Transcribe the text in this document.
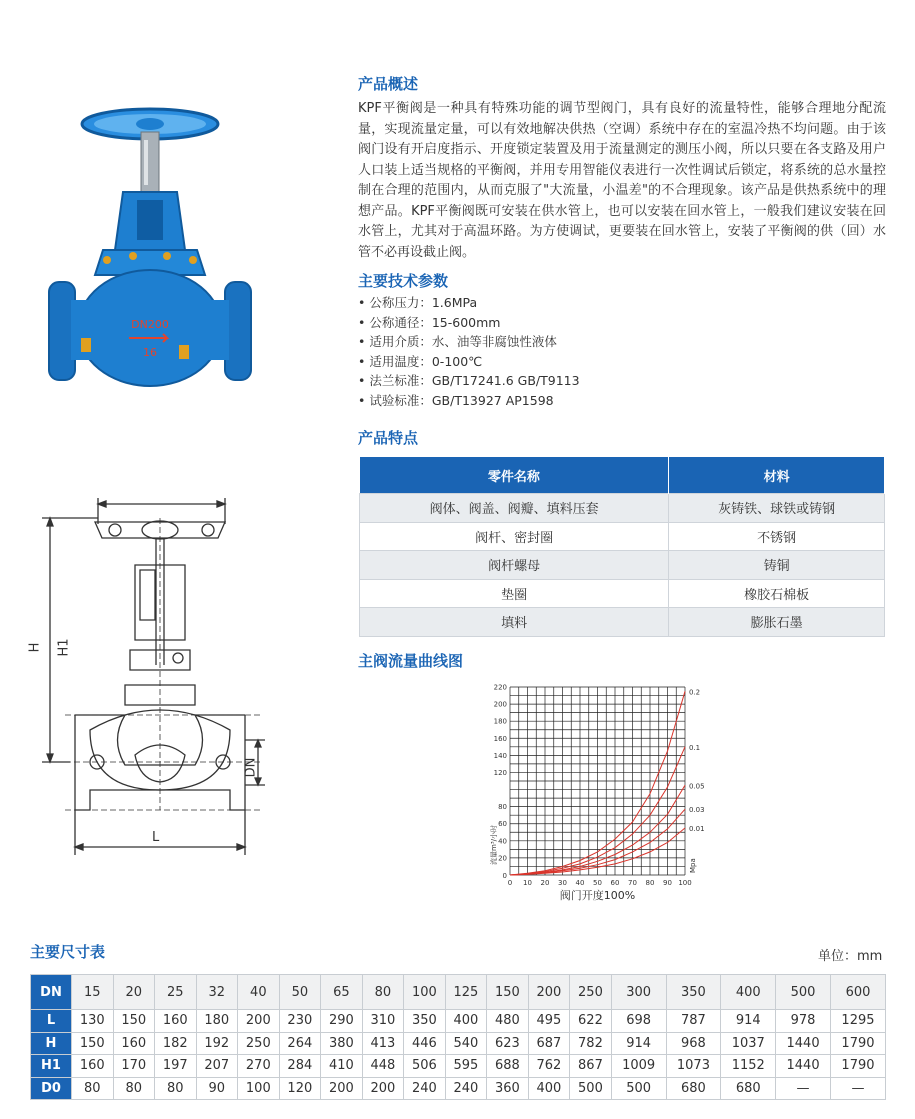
DN200
16
H H1
DN
L
产品概述
KPF平衡阀是一种具有特殊功能的调节型阀门，具有良好的流量特性，能够合理地分配流量，实现流量定量，可以有效地解决供热（空调）系统中存在的室温冷热不均问题。由于该阀门设有开启度指示、开度锁定装置及用于流量测定的测压小阀，所以只要在各支路及用户人口装上适当规格的平衡阀，并用专用智能仪表进行一次性调试后锁定，将系统的总水量控制在合理的范围内，从而克服了"大流量，小温差"的不合理现象。该产品是供热系统中的理想产品。KPF平衡阀既可安装在供水管上，也可以安装在回水管上，一般我们建议安装在回水管上，尤其对于高温环路。为方使调试，更要装在回水管上，安装了平衡阀的供（回）水管不必再设截止阀。
主要技术参数
• 公称压力：1.6MPa
• 公称通径：15-600mm
• 适用介质：水、油等非腐蚀性液体
• 适用温度：0-100℃
• 法兰标准：GB/T17241.6 GB/T9113
• 试验标准：GB/T13927 AP1598
产品特点
零件名称	材料
阀体、阀盖、阀瓣、填料压套	灰铸铁、球铁或铸钢
阀杆、密封圈	不锈钢
阀杆螺母	铸铜
垫圈	橡胶石棉板
填料	膨胀石墨
主阀流量曲线图
0 10 20 30 40 50 60 70 80 90 100
20
40
60
80
120
140
160
180
200
220
0
流量m³/小时
阀门开度100%
Mpa
0.2
0.1
0.05
0.03
0.01
主要尺寸表	单位：mm
DN	15	20	25	32	40	50	65	80	100	125	150	200	250	300	350	400	500	600
L	130	150	160	180	200	230	290	310	350	400	480	495	622	698	787	914	978	1295
H	150	160	182	192	250	264	380	413	446	540	623	687	782	914	968	1037	1440	1790
H1	160	170	197	207	270	284	410	448	506	595	688	762	867	1009	1073	1152	1440	1790
D0	80	80	80	90	100	120	200	200	240	240	360	400	500	500	680	680	—	—
